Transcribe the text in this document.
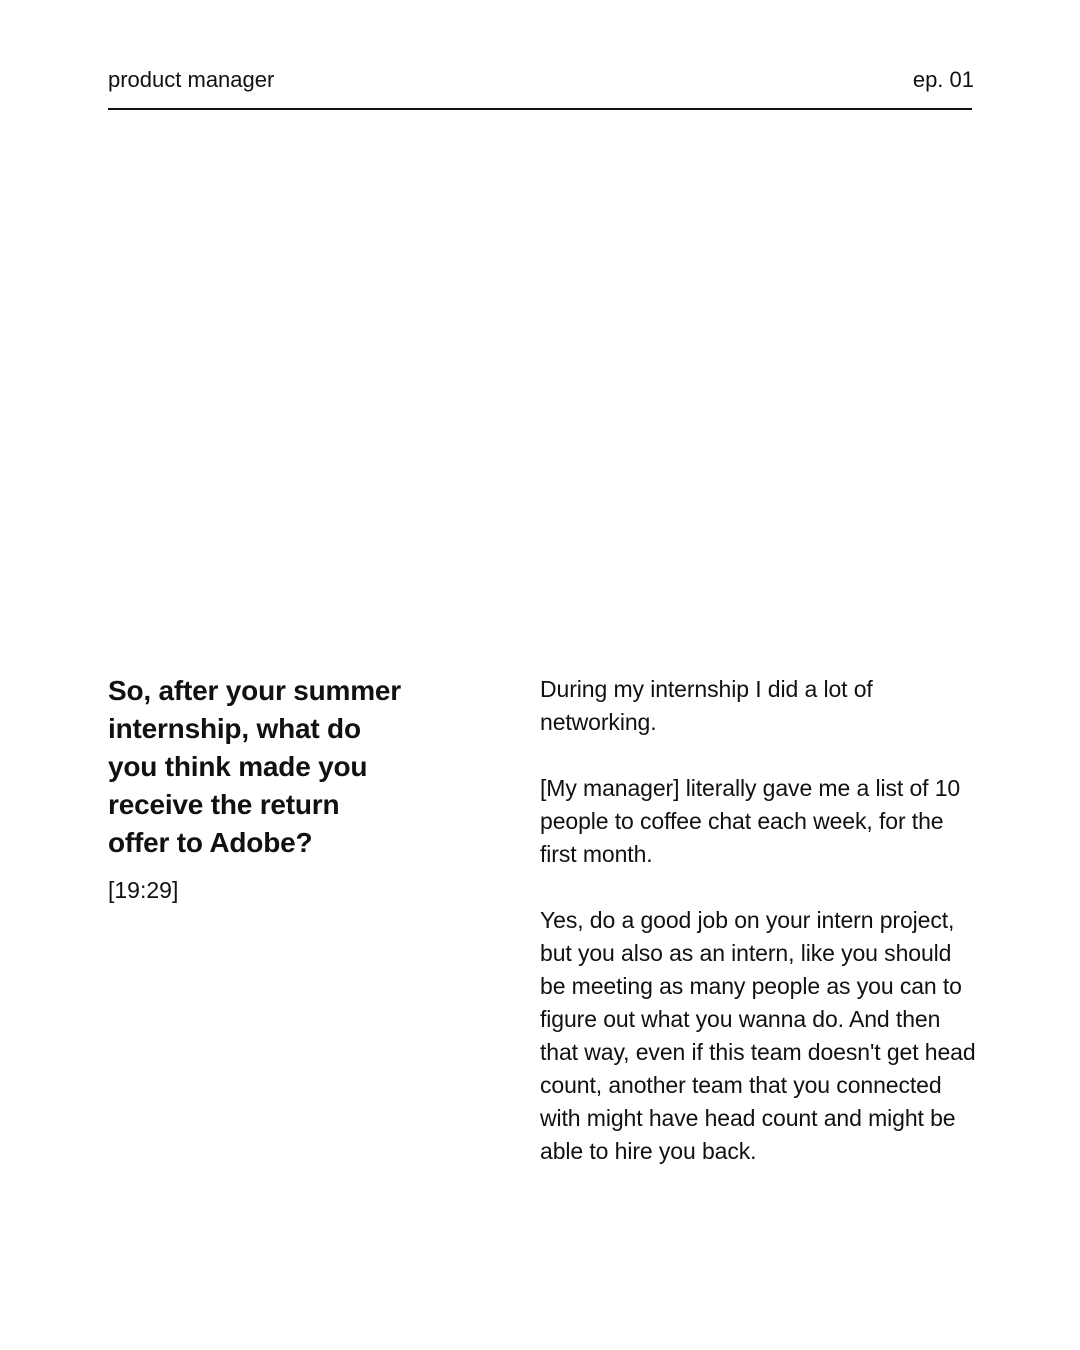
product manager	ep. 01
So, after your summer internship, what do you think made you receive the return offer to Adobe?
[19:29]

During my internship I did a lot of networking.

[My manager] literally gave me a list of 10 people to coffee chat each week, for the first month.

Yes, do a good job on your intern project, but you also as an intern, like you should be meeting as many people as you can to figure out what you wanna do. And then that way, even if this team doesn't get head count, another team that you connected with might have head count and might be able to hire you back.
